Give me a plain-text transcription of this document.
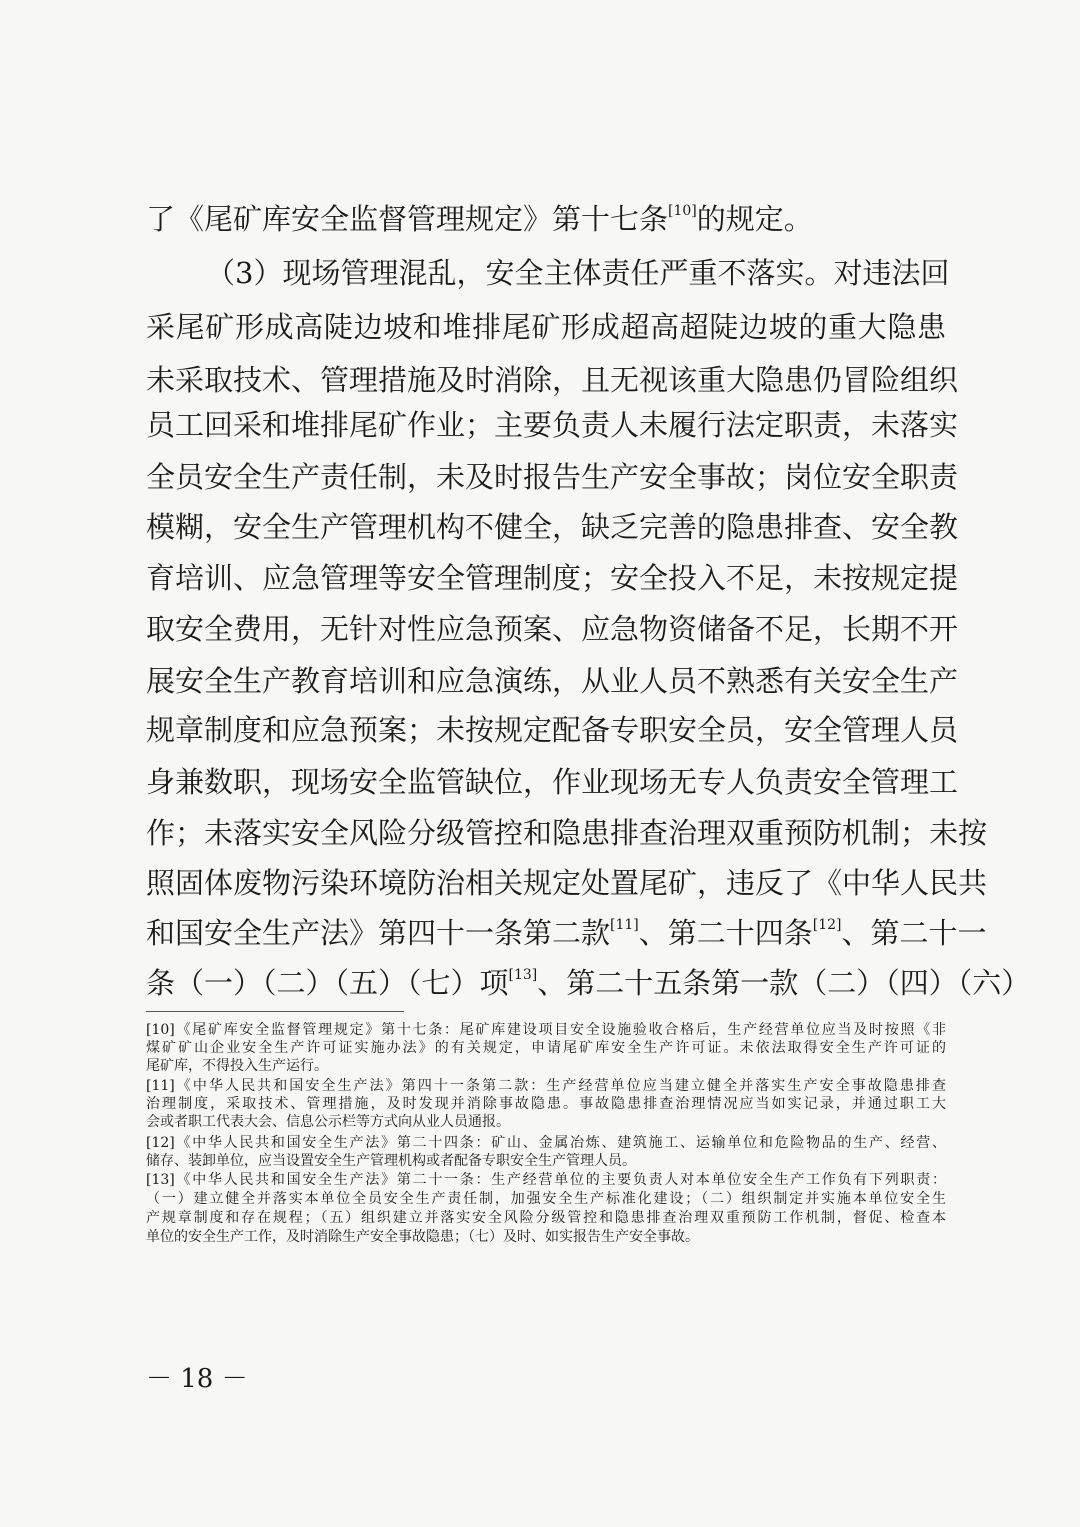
了《尾矿库安全监督管理规定》第十七条[10]的规定。
（3）现场管理混乱，安全主体责任严重不落实。对违法回
采尾矿形成高陡边坡和堆排尾矿形成超高超陡边坡的重大隐患
未采取技术、管理措施及时消除，且无视该重大隐患仍冒险组织
员工回采和堆排尾矿作业；主要负责人未履行法定职责，未落实
全员安全生产责任制，未及时报告生产安全事故；岗位安全职责
模糊，安全生产管理机构不健全，缺乏完善的隐患排查、安全教
育培训、应急管理等安全管理制度；安全投入不足，未按规定提
取安全费用，无针对性应急预案、应急物资储备不足，长期不开
展安全生产教育培训和应急演练，从业人员不熟悉有关安全生产
规章制度和应急预案；未按规定配备专职安全员，安全管理人员
身兼数职，现场安全监管缺位，作业现场无专人负责安全管理工
作；未落实安全风险分级管控和隐患排查治理双重预防机制；未按
照固体废物污染环境防治相关规定处置尾矿，违反了《中华人民共
和国安全生产法》第四十一条第二款[11]、第二十四条[12]、第二十一
条（一）（二）（五）（七）项[13]、第二十五条第一款（二）（四）（六）
[10]《尾矿库安全监督管理规定》第十七条：尾矿库建设项目安全设施验收合格后，生产经营单位应当及时按照《非
煤矿矿山企业安全生产许可证实施办法》的有关规定，申请尾矿库安全生产许可证。未依法取得安全生产许可证的
尾矿库，不得投入生产运行。
[11]《中华人民共和国安全生产法》第四十一条第二款：生产经营单位应当建立健全并落实生产安全事故隐患排查
治理制度，采取技术、管理措施，及时发现并消除事故隐患。事故隐患排查治理情况应当如实记录，并通过职工大
会或者职工代表大会、信息公示栏等方式向从业人员通报。
[12]《中华人民共和国安全生产法》第二十四条：矿山、金属冶炼、建筑施工、运输单位和危险物品的生产、经营、
储存、装卸单位，应当设置安全生产管理机构或者配备专职安全生产管理人员。
[13]《中华人民共和国安全生产法》第二十一条：生产经营单位的主要负责人对本单位安全生产工作负有下列职责：
（一）建立健全并落实本单位全员安全生产责任制，加强安全生产标准化建设；（二）组织制定并实施本单位安全生
产规章制度和存在规程；（五）组织建立并落实安全风险分级管控和隐患排查治理双重预防工作机制，督促、检查本
单位的安全生产工作，及时消除生产安全事故隐患；（七）及时、如实报告生产安全事故。
－ 18 －
